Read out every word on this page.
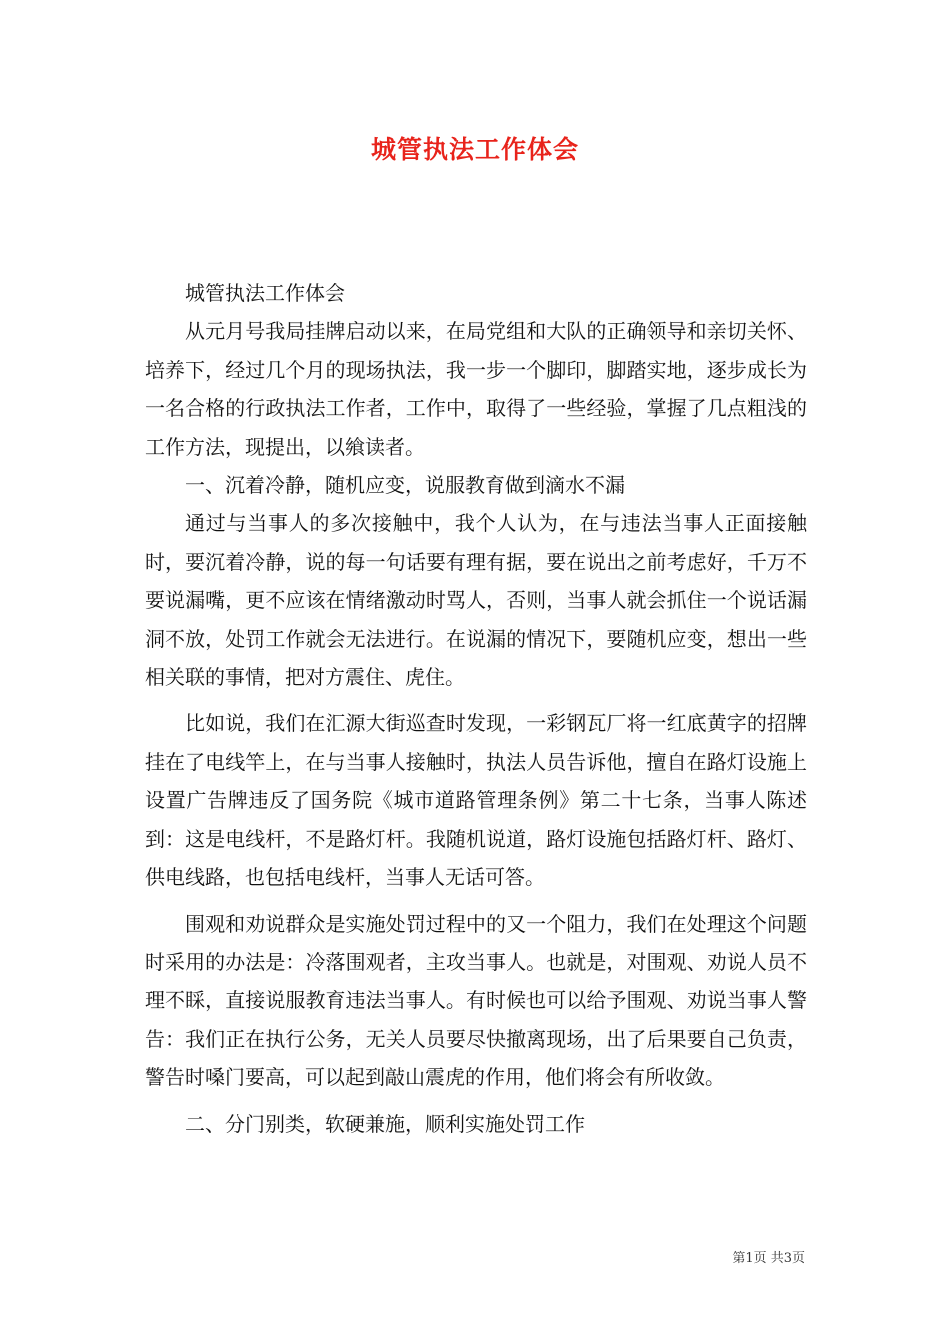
城管执法工作体会

城管执法工作体会

从元月号我局挂牌启动以来，在局党组和大队的正确领导和亲切关怀、培养下，经过几个月的现场执法，我一步一个脚印，脚踏实地，逐步成长为一名合格的行政执法工作者，工作中，取得了一些经验，掌握了几点粗浅的工作方法，现提出，以飨读者。

一、沉着冷静，随机应变，说服教育做到滴水不漏

通过与当事人的多次接触中，我个人认为，在与违法当事人正面接触时，要沉着冷静，说的每一句话要有理有据，要在说出之前考虑好，千万不要说漏嘴，更不应该在情绪激动时骂人，否则，当事人就会抓住一个说话漏洞不放，处罚工作就会无法进行。在说漏的情况下，要随机应变，想出一些相关联的事情，把对方震住、虎住。

比如说，我们在汇源大街巡查时发现，一彩钢瓦厂将一红底黄字的招牌挂在了电线竿上，在与当事人接触时，执法人员告诉他，擅自在路灯设施上设置广告牌违反了国务院《城市道路管理条例》第二十七条，当事人陈述到：这是电线杆，不是路灯杆。我随机说道，路灯设施包括路灯杆、路灯、供电线路，也包括电线杆，当事人无话可答。

围观和劝说群众是实施处罚过程中的又一个阻力，我们在处理这个问题时采用的办法是：冷落围观者，主攻当事人。也就是，对围观、劝说人员不理不睬，直接说服教育违法当事人。有时候也可以给予围观、劝说当事人警告：我们正在执行公务，无关人员要尽快撤离现场，出了后果要自己负责，警告时嗓门要高，可以起到敲山震虎的作用，他们将会有所收敛。

二、分门别类，软硬兼施，顺利实施处罚工作

第1页 共3页
